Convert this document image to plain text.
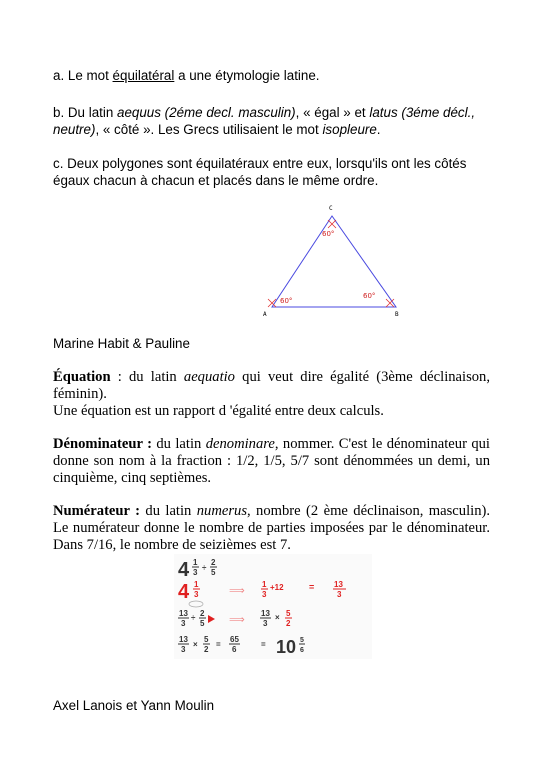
a. Le mot équilatéral a une étymologie latine.

b. Du latin aequus (2éme decl. masculin), « égal » et latus (3éme décl., neutre), « côté ». Les Grecs utilisaient le mot isopleure.

c. Deux polygones sont équilatéraux entre eux, lorsqu'ils ont les côtés égaux chacun à chacun et placés dans le même ordre.

C
A	B
60°
60°
60°

Marine Habit & Pauline

Équation : du latin aequatio qui veut dire égalité (3ème déclinaison, féminin).

Une équation est un rapport d 'égalité entre deux calculs.

Dénominateur : du latin denominare, nommer. C'est le dénominateur qui donne son nom à la fraction : 1/2, 1/5, 5/7 sont dénommées un demi, un cinquième, cinq septièmes.

Numérateur : du latin numerus, nombre (2 ème déclinaison, masculin). Le numérateur donne le nombre de parties imposées par le dénominateur. Dans 7/16, le nombre de seizièmes est 7.

4 1
3
÷
2
5
4 1
3	⟹
1
3
+12	= 13
3
13
3
÷ 2
5 ⟹
13
3
× 5
2
13
3
×
5
2
=
65
6
= 10 5
6

Axel Lanois et Yann Moulin
